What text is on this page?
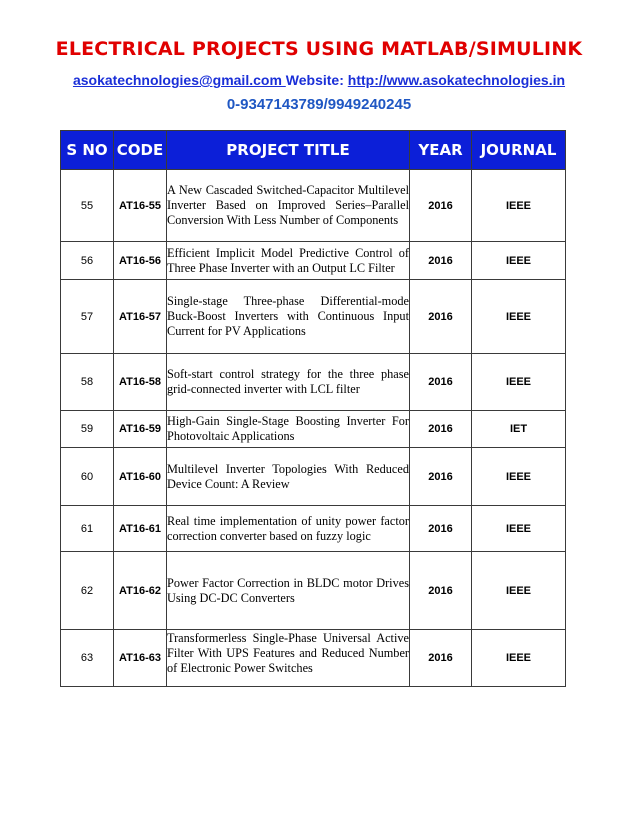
ELECTRICAL PROJECTS USING MATLAB/SIMULINK
asokatechnologies@gmail.com Website: http://www.asokatechnologies.in
0-9347143789/9949240245
S NO	CODE	PROJECT TITLE	YEAR	JOURNAL
55	AT16-55	A New Cascaded Switched-Capacitor Multilevel Inverter Based on Improved Series–Parallel Conversion With Less Number of Components	2016	IEEE
56	AT16-56	Efficient Implicit Model Predictive Control of Three Phase Inverter with an Output LC Filter	2016	IEEE
57	AT16-57	Single-stage Three-phase Differential-mode Buck-Boost Inverters with Continuous Input Current for PV Applications	2016	IEEE
58	AT16-58	Soft-start control strategy for the three phase grid-connected inverter with LCL filter	2016	IEEE
59	AT16-59	High-Gain Single-Stage Boosting Inverter For Photovoltaic Applications	2016	IET
60	AT16-60	Multilevel Inverter Topologies With Reduced Device Count: A Review	2016	IEEE
61	AT16-61	Real time implementation of unity power factor correction converter based on fuzzy logic	2016	IEEE
62	AT16-62	Power Factor Correction in BLDC motor Drives Using DC-DC Converters	2016	IEEE
63	AT16-63	Transformerless Single-Phase Universal Active Filter With UPS Features and Reduced Number of Electronic Power Switches	2016	IEEE
